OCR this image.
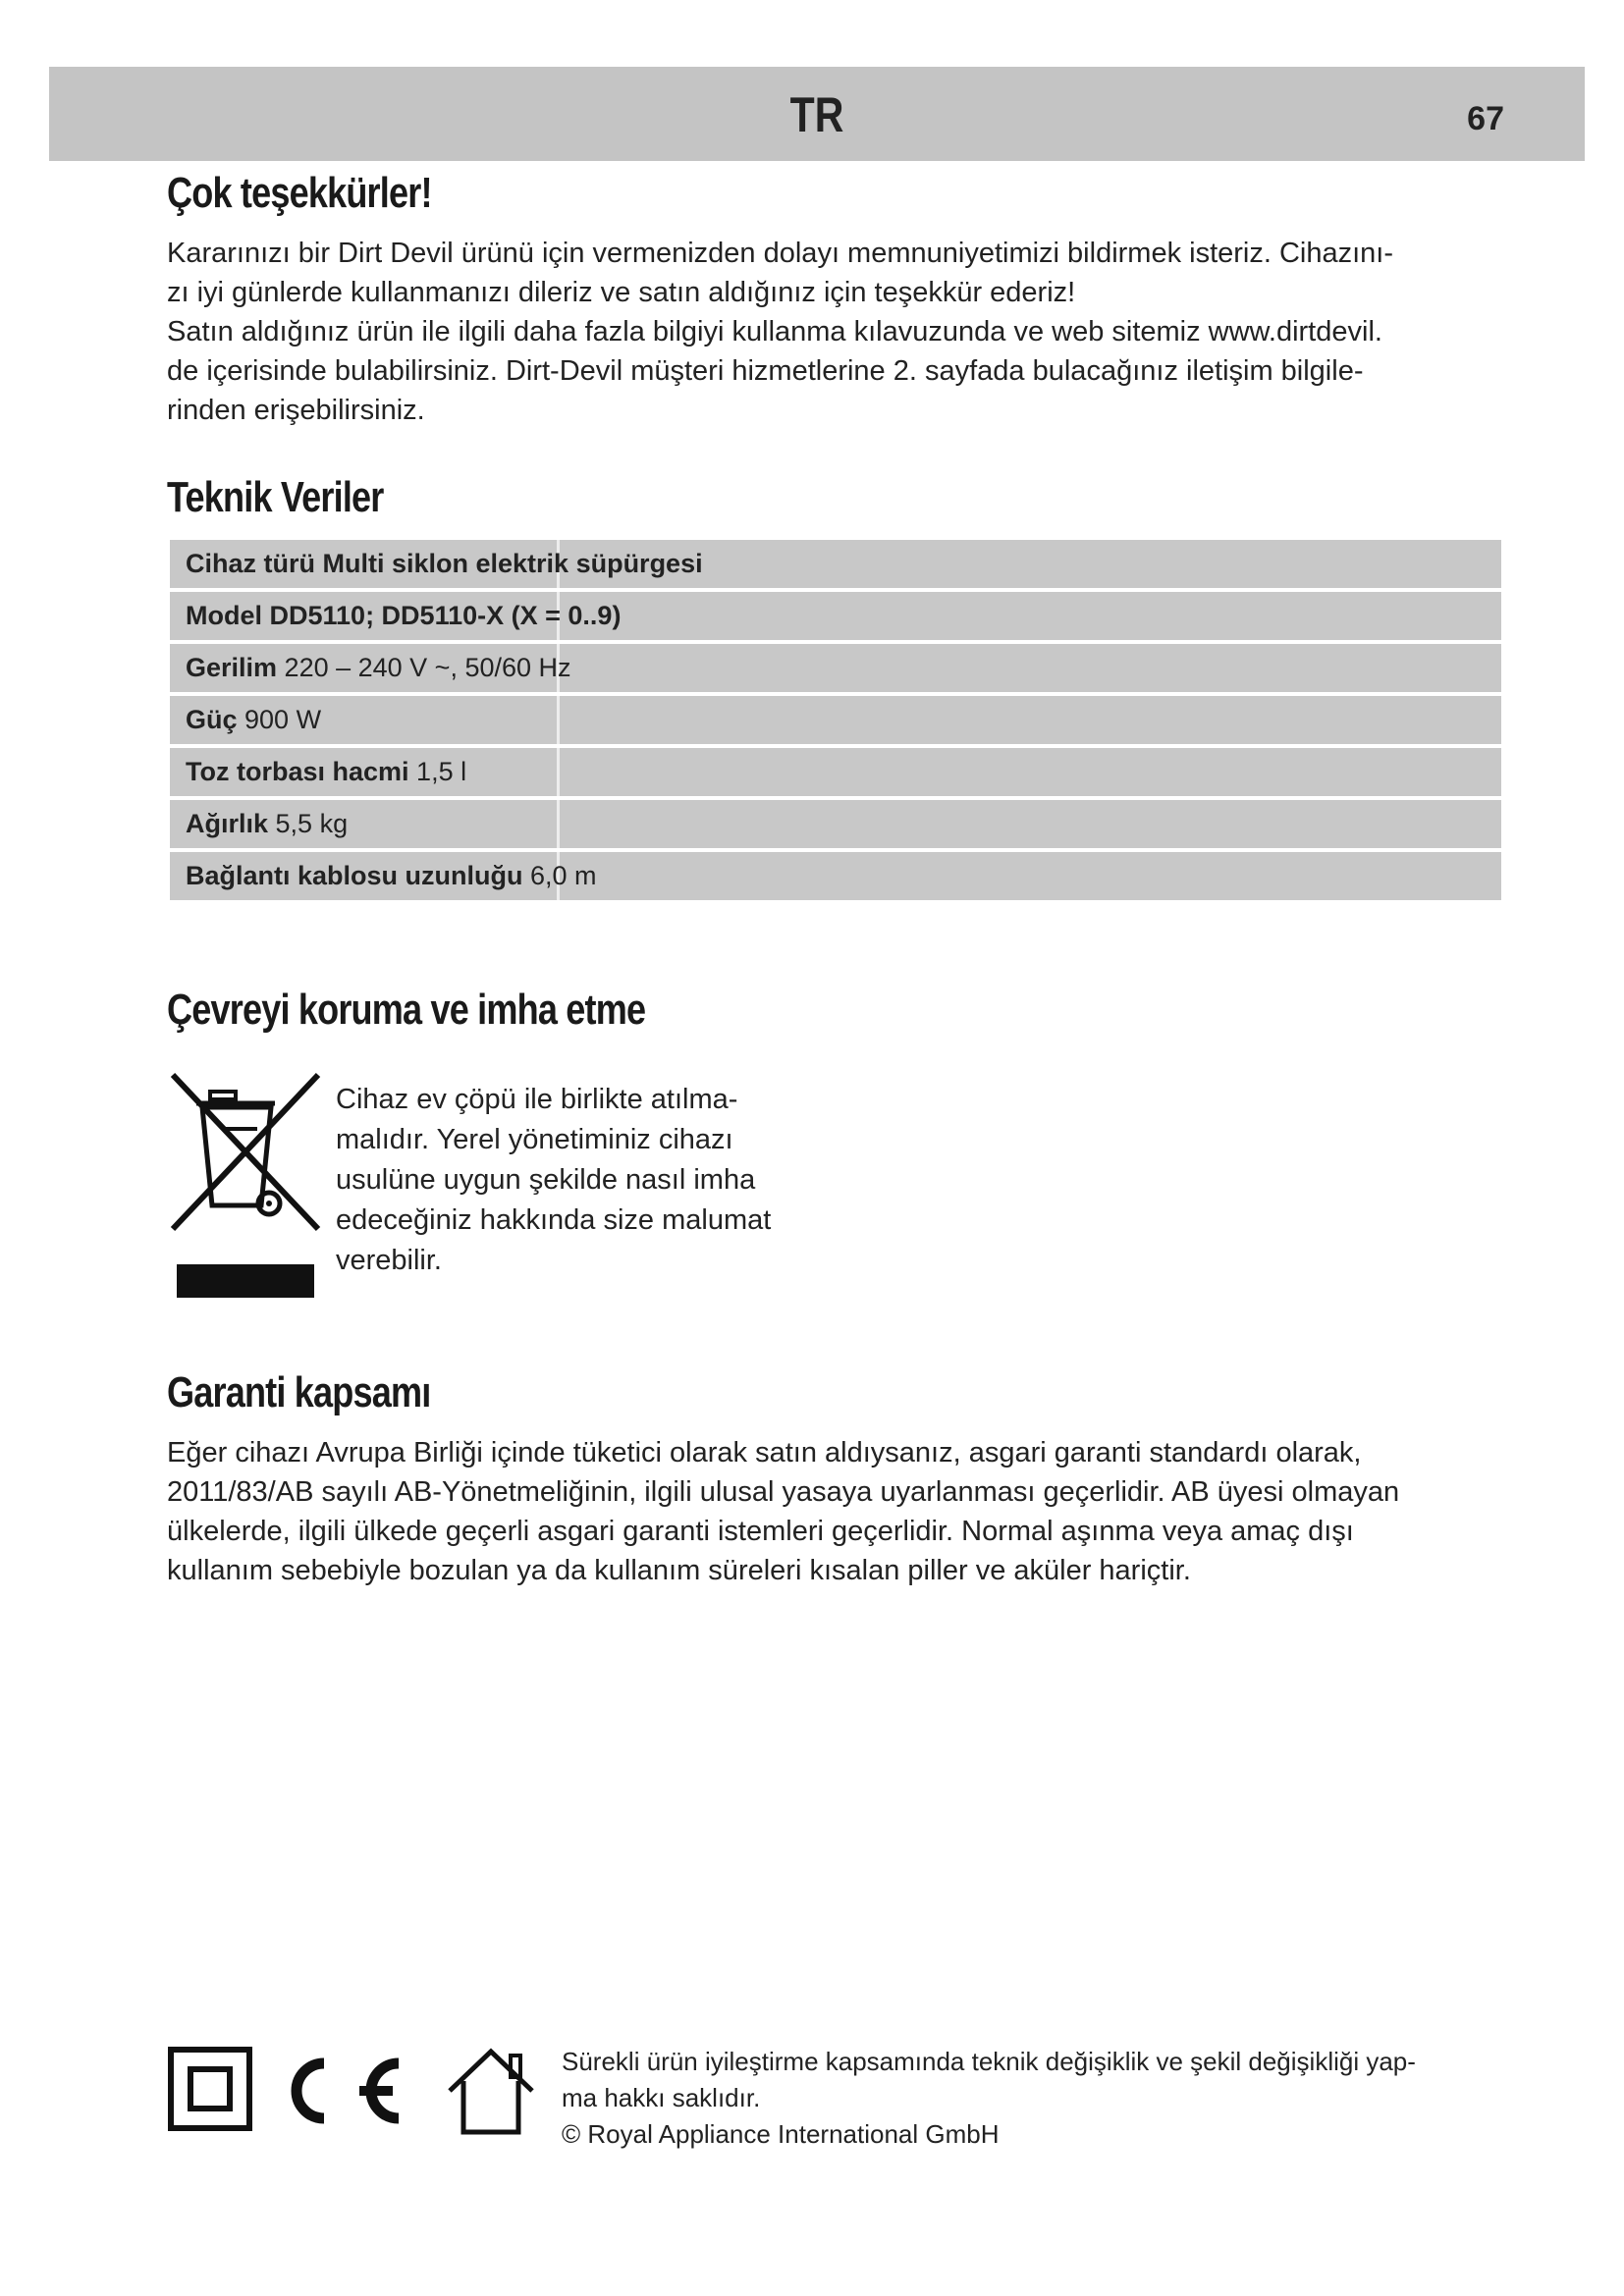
TR	67
Çok teşekkürler!

Kararınızı bir Dirt Devil ürünü için vermenizden dolayı memnuniyetimizi bildirmek isteriz. Cihazını-
zı iyi günlerde kullanmanızı dileriz ve satın aldığınız için teşekkür ederiz!
Satın aldığınız ürün ile ilgili daha fazla bilgiyi kullanma kılavuzunda ve web sitemiz www.dirtdevil.
de içerisinde bulabilirsiniz. Dirt-Devil müşteri hizmetlerine 2. sayfada bulacağınız iletişim bilgile-
rinden erişebilirsiniz.

Teknik Veriler
Cihaz türü Multi siklon elektrik süpürgesi
Model DD5110; DD5110-X (X = 0..9)
Gerilim 220 – 240 V ~, 50/60 Hz
Güç 900 W
Toz torbası hacmi 1,5 l
Ağırlık 5,5 kg
Bağlantı kablosu uzunluğu 6,0 m
Çevreyi koruma ve imha etme

Cihaz ev çöpü ile birlikte atılma-
malıdır. Yerel yönetiminiz cihazı
usulüne uygun şekilde nasıl imha
edeceğiniz hakkında size malumat
verebilir.

Garanti kapsamı

Eğer cihazı Avrupa Birliği içinde tüketici olarak satın aldıysanız, asgari garanti standardı olarak,
2011/83/AB sayılı AB-Yönetmeliğinin, ilgili ulusal yasaya uyarlanması geçerlidir. AB üyesi olmayan
ülkelerde, ilgili ülkede geçerli asgari garanti istemleri geçerlidir. Normal aşınma veya amaç dışı
kullanım sebebiyle bozulan ya da kullanım süreleri kısalan piller ve aküler hariçtir.

Sürekli ürün iyileştirme kapsamında teknik değişiklik ve şekil değişikliği yap-
ma hakkı saklıdır.
© Royal Appliance International GmbH
